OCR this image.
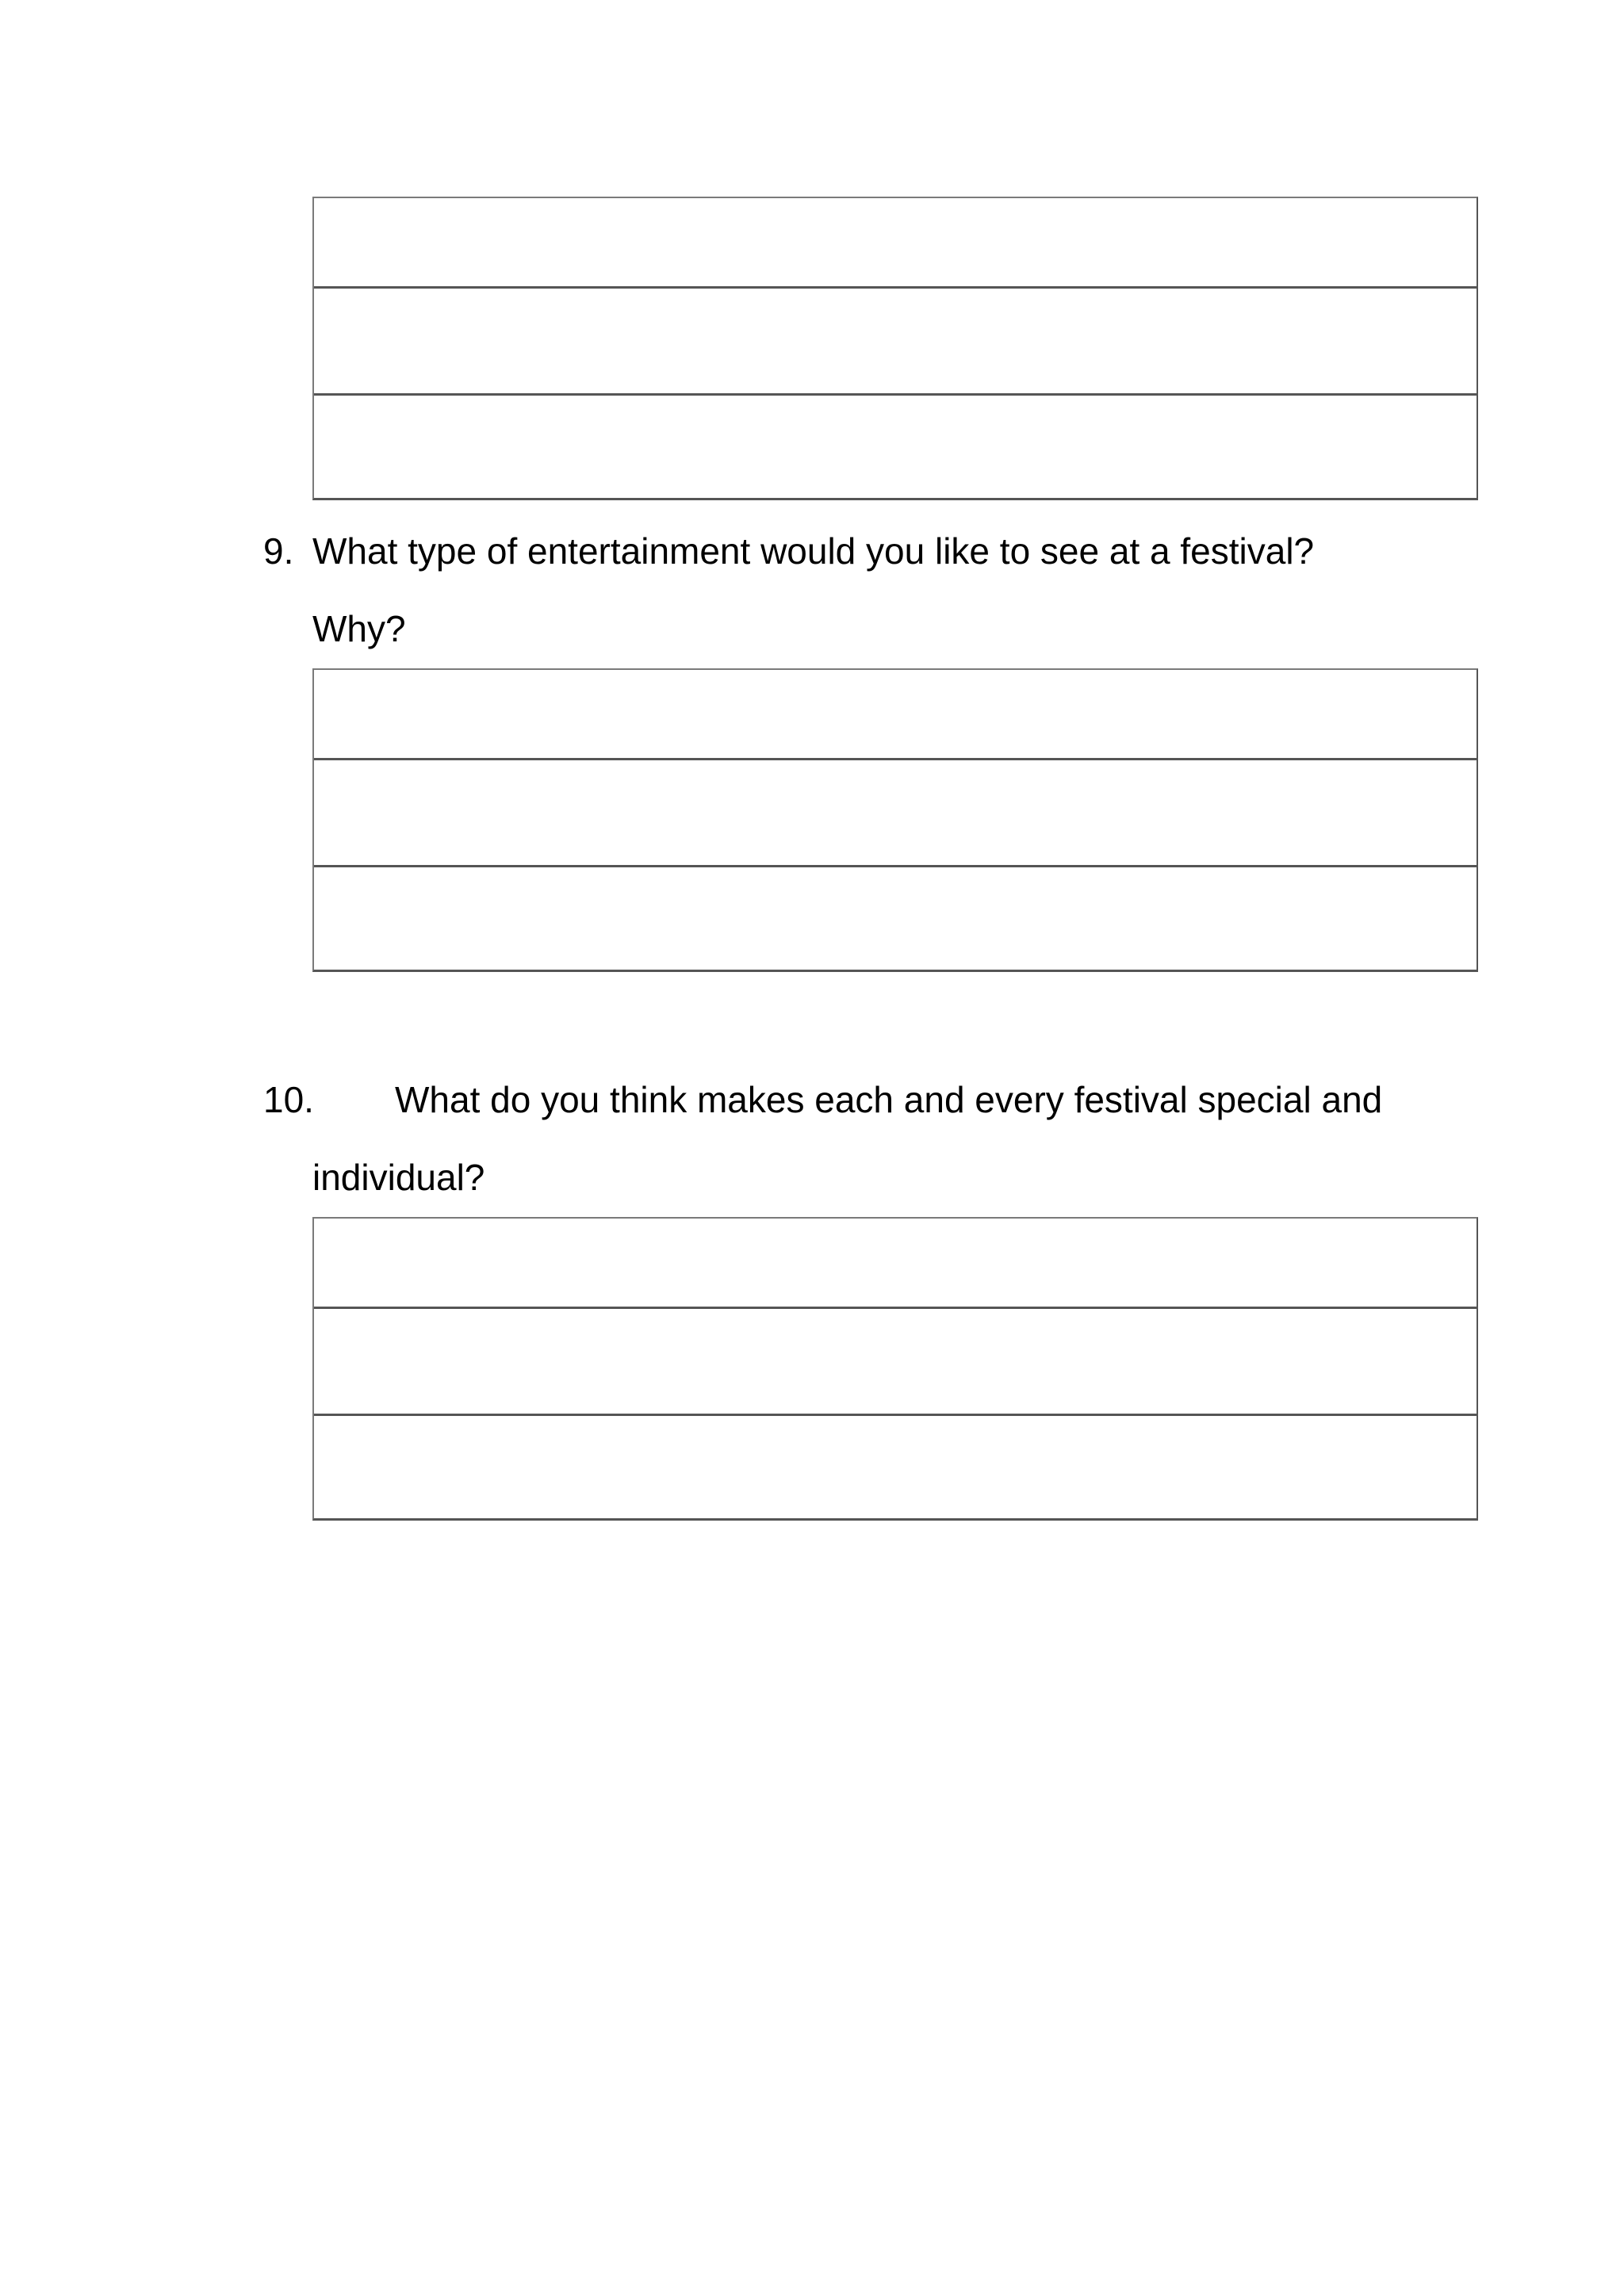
9. What type of entertainment would you like to see at a festival?
Why?
10. What do you think makes each and every festival special and
individual?
